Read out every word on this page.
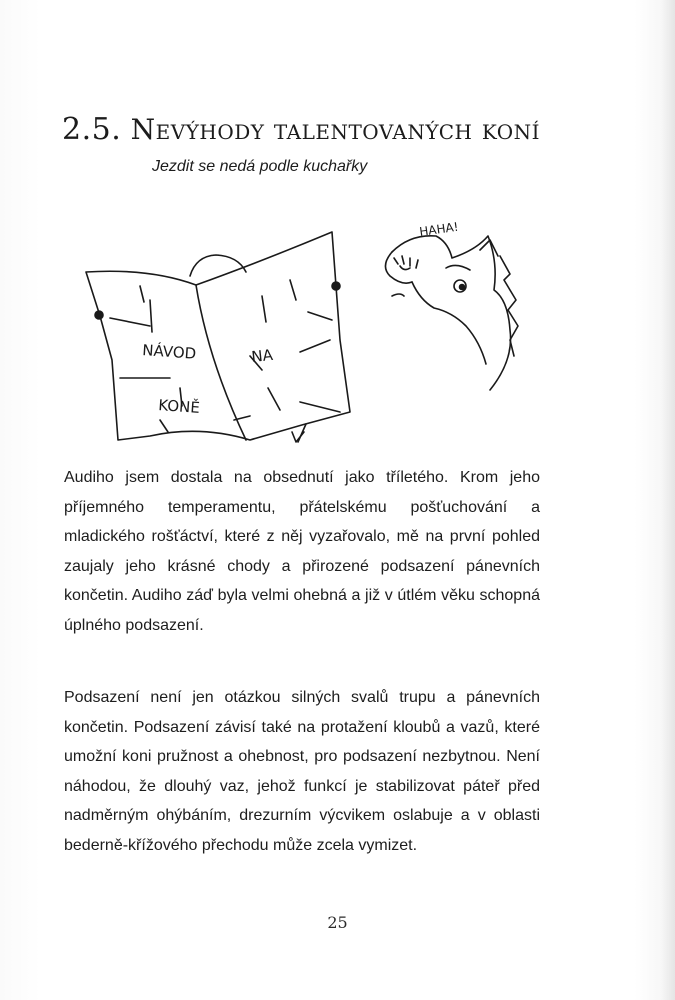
2.5. Nevýhody talentovaných koní
Jezdit se nedá podle kuchařky
NÁVOD	NA
KONĚ
HAHA!

Audiho jsem dostala na obsednutí jako tříletého. Krom jeho příjemného temperamentu, přátelskému pošťuchování a mladického rošťáctví, které z něj vyzařovalo, mě na první pohled zaujaly jeho krásné chody a přirozené podsazení pánevních končetin. Audiho záď byla velmi ohebná a již v útlém věku schopná úplného podsazení.

Podsazení není jen otázkou silných svalů trupu a pánevních končetin. Podsazení závisí také na protažení kloubů a vazů, které umožní koni pružnost a ohebnost, pro podsazení nezbytnou. Není náhodou, že dlouhý vaz, jehož funkcí je stabilizovat páteř před nadměrným ohýbáním, drezurním výcvikem oslabuje a v oblasti bederně-křížového přechodu může zcela vymizet.

25
